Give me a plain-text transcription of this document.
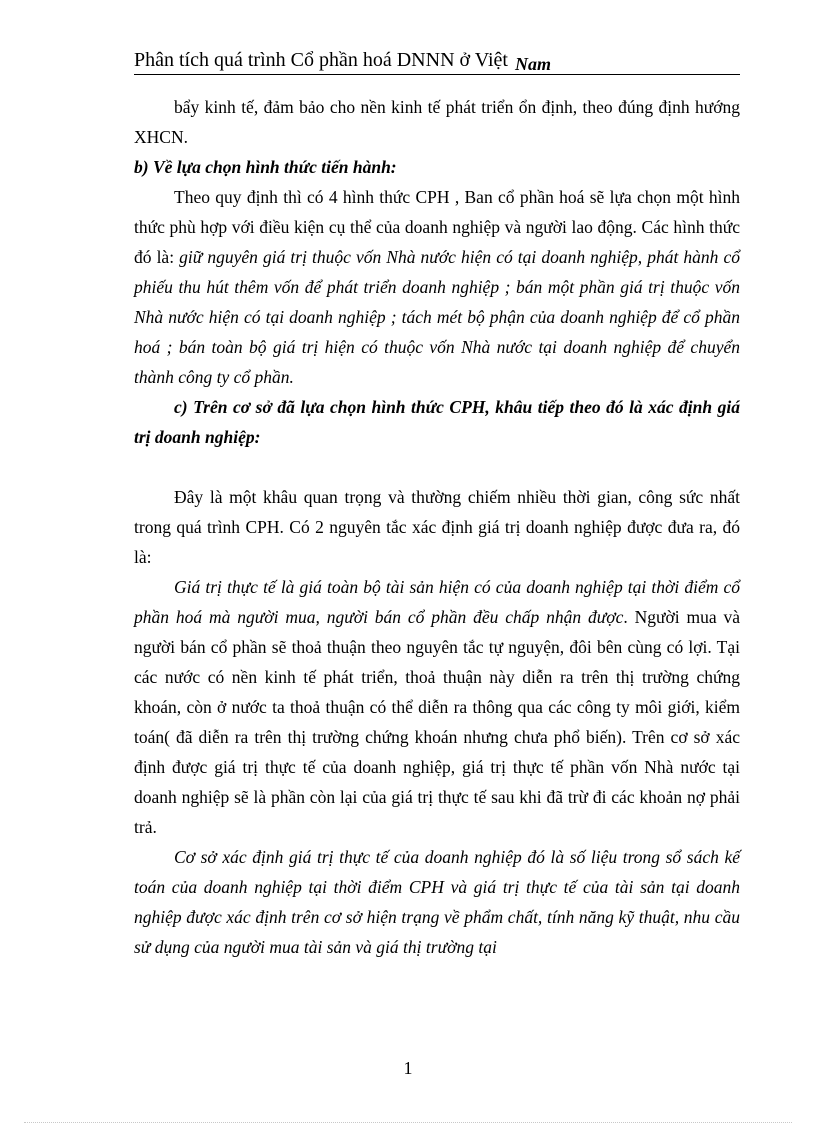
Phân tích quá trình Cổ phần hoá DNNN ở Việt Nam

bẩy kinh tế, đảm bảo cho nền kinh tế phát triển ổn định, theo đúng định hướng XHCN.

b) Về lựa chọn hình thức tiến hành:

Theo quy định thì có 4 hình thức CPH , Ban cổ phần hoá sẽ lựa chọn một hình thức phù hợp với điều kiện cụ thể của doanh nghiệp và người lao động. Các hình thức đó là: giữ nguyên giá trị thuộc vốn Nhà nước hiện có tại doanh nghiệp, phát hành cổ phiếu thu hút thêm vốn để phát triển doanh nghiệp ; bán một phần giá trị thuộc vốn Nhà nước hiện có tại doanh nghiệp ; tách mét bộ phận của doanh nghiệp để cổ phần hoá ; bán toàn bộ giá trị hiện có thuộc vốn Nhà nước tại doanh nghiệp để chuyển thành công ty cổ phần.

c) Trên cơ sở đã lựa chọn hình thức CPH, khâu tiếp theo đó là xác định giá trị doanh nghiệp:

Đây là một khâu quan trọng và thường chiếm nhiều thời gian, công sức nhất trong quá trình CPH. Có 2 nguyên tắc xác định giá trị doanh nghiệp được đưa ra, đó là:

Giá trị thực tế là giá toàn bộ tài sản hiện có của doanh nghiệp tại thời điểm cổ phần hoá mà người mua, người bán cổ phần đều chấp nhận được. Người mua và người bán cổ phần sẽ thoả thuận theo nguyên tắc tự nguyện, đôi bên cùng có lợi. Tại các nước có nền kinh tế phát triển, thoả thuận này diễn ra trên thị trường chứng khoán, còn ở nước ta thoả thuận có thể diễn ra thông qua các công ty môi giới, kiểm toán( đã diễn ra trên thị trường chứng khoán nhưng chưa phổ biến). Trên cơ sở xác định được giá trị thực tế của doanh nghiệp, giá trị thực tế phần vốn Nhà nước tại doanh nghiệp sẽ là phần còn lại của giá trị thực tế sau khi đã trừ đi các khoản nợ phải trả.

Cơ sở xác định giá trị thực tế của doanh nghiệp đó là số liệu trong sổ sách kế toán của doanh nghiệp tại thời điểm CPH và giá trị thực tế của tài sản tại doanh nghiệp được xác định trên cơ sở hiện trạng về phẩm chất, tính năng kỹ thuật, nhu cầu sử dụng của người mua tài sản và giá thị trường tại

1
